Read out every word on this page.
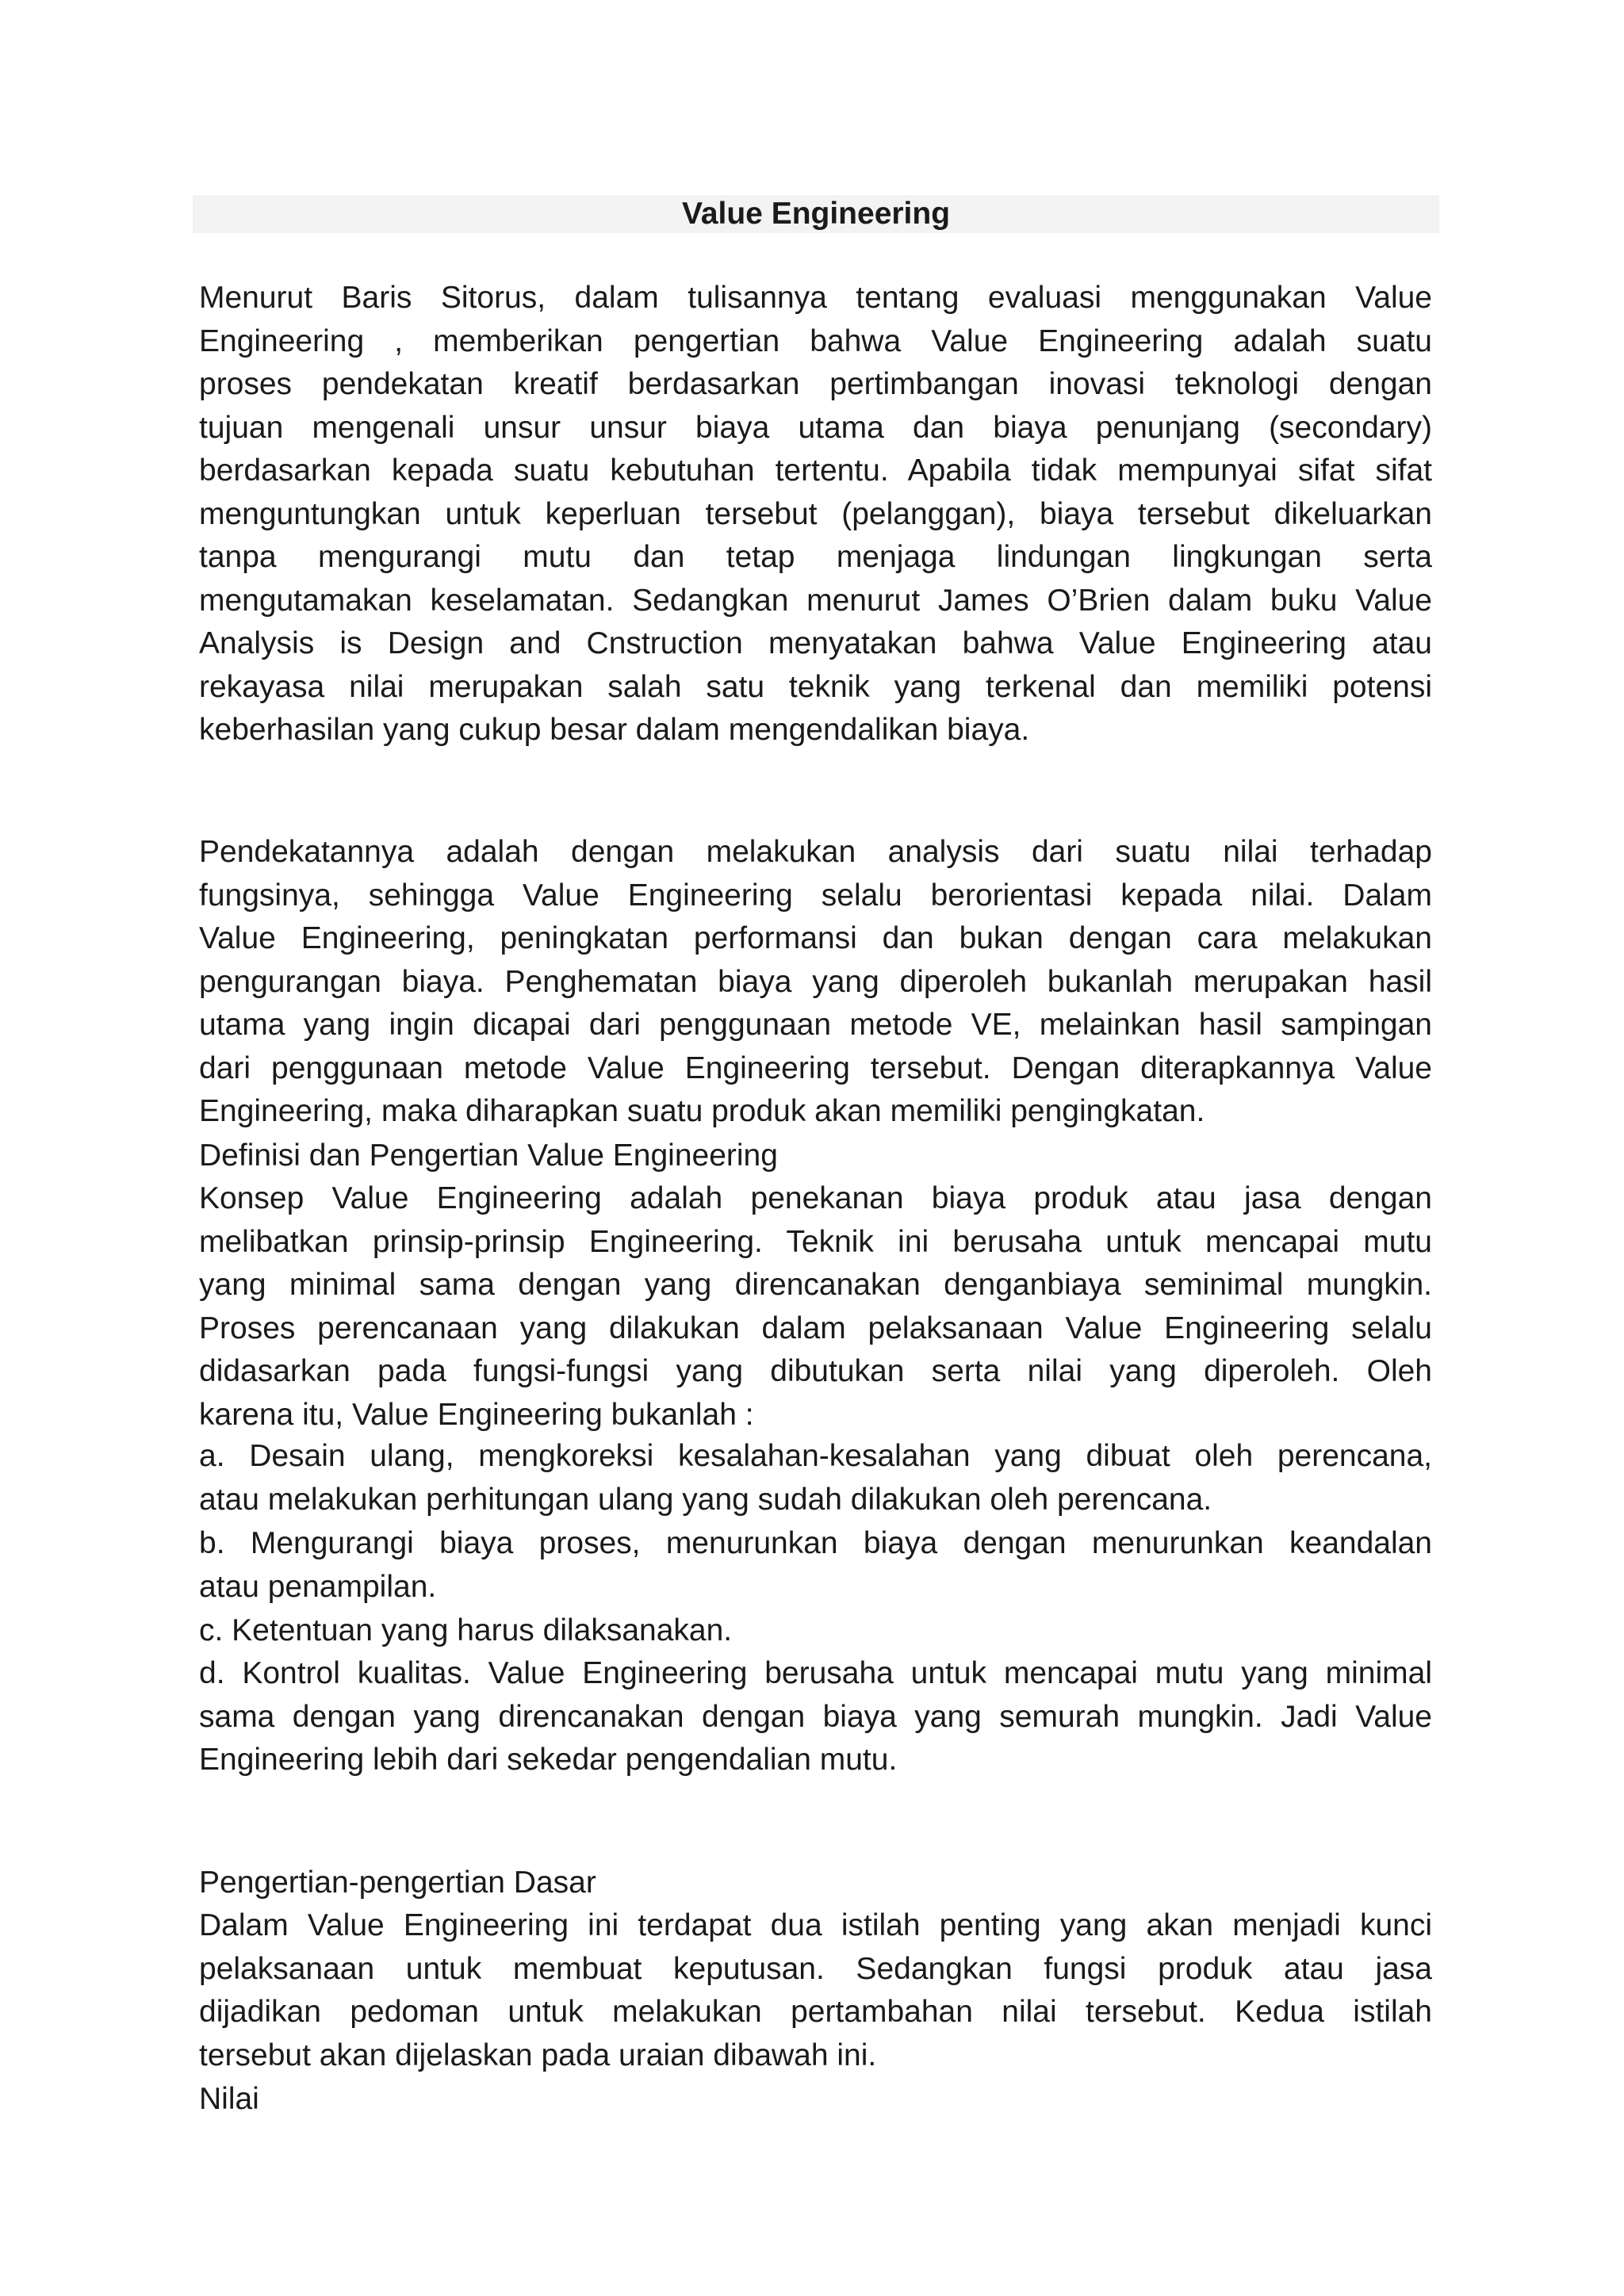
Value Engineering
Menurut Baris Sitorus, dalam tulisannya tentang evaluasi menggunakan Value
Engineering , memberikan pengertian bahwa Value Engineering adalah suatu
proses pendekatan kreatif berdasarkan pertimbangan inovasi teknologi dengan
tujuan mengenali unsur unsur biaya utama dan biaya penunjang (secondary)
berdasarkan kepada suatu kebutuhan tertentu. Apabila tidak mempunyai sifat sifat
menguntungkan untuk keperluan tersebut (pelanggan), biaya tersebut dikeluarkan
tanpa mengurangi mutu dan tetap menjaga lindungan lingkungan serta
mengutamakan keselamatan. Sedangkan menurut James O’Brien dalam buku Value
Analysis is Design and Cnstruction menyatakan bahwa Value Engineering atau
rekayasa nilai merupakan salah satu teknik yang terkenal dan memiliki potensi
keberhasilan yang cukup besar dalam mengendalikan biaya.
Pendekatannya adalah dengan melakukan analysis dari suatu nilai terhadap
fungsinya, sehingga Value Engineering selalu berorientasi kepada nilai. Dalam
Value Engineering, peningkatan performansi dan bukan dengan cara melakukan
pengurangan biaya. Penghematan biaya yang diperoleh bukanlah merupakan hasil
utama yang ingin dicapai dari penggunaan metode VE, melainkan hasil sampingan
dari penggunaan metode Value Engineering tersebut. Dengan diterapkannya Value
Engineering, maka diharapkan suatu produk akan memiliki pengingkatan.
Definisi dan Pengertian Value Engineering
Konsep Value Engineering adalah penekanan biaya produk atau jasa dengan
melibatkan prinsip-prinsip Engineering. Teknik ini berusaha untuk mencapai mutu
yang minimal sama dengan yang direncanakan denganbiaya seminimal mungkin.
Proses perencanaan yang dilakukan dalam pelaksanaan Value Engineering selalu
didasarkan pada fungsi-fungsi yang dibutukan serta nilai yang diperoleh. Oleh
karena itu, Value Engineering bukanlah :
a. Desain ulang, mengkoreksi kesalahan-kesalahan yang dibuat oleh perencana,
atau melakukan perhitungan ulang yang sudah dilakukan oleh perencana.
b. Mengurangi biaya proses, menurunkan biaya dengan menurunkan keandalan
atau penampilan.
c. Ketentuan yang harus dilaksanakan.
d. Kontrol kualitas. Value Engineering berusaha untuk mencapai mutu yang minimal
sama dengan yang direncanakan dengan biaya yang semurah mungkin. Jadi Value
Engineering lebih dari sekedar pengendalian mutu.
Pengertian-pengertian Dasar
Dalam Value Engineering ini terdapat dua istilah penting yang akan menjadi kunci
pelaksanaan untuk membuat keputusan. Sedangkan fungsi produk atau jasa
dijadikan pedoman untuk melakukan pertambahan nilai tersebut. Kedua istilah
tersebut akan dijelaskan pada uraian dibawah ini.
Nilai
